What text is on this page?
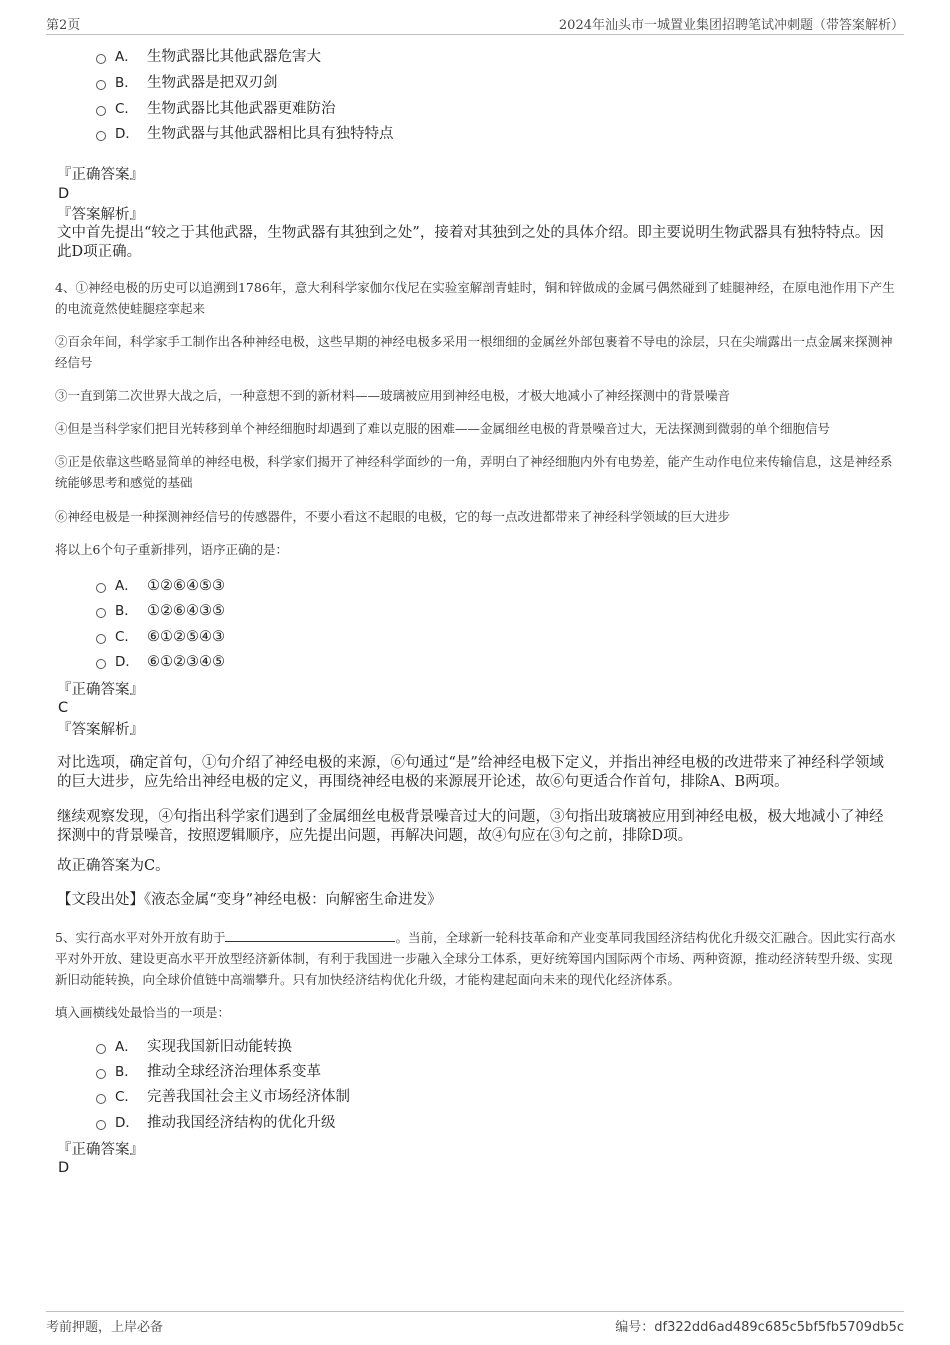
第2页	2024年汕头市一城置业集团招聘笔试冲刺题（带答案解析）
A． 生物武器比其他武器危害大
B． 生物武器是把双刃剑
C． 生物武器比其他武器更难防治
D． 生物武器与其他武器相比具有独特特点
『正确答案』
D
『答案解析』
文中首先提出“较之于其他武器，生物武器有其独到之处”，接着对其独到之处的具体介绍。即主要说明生物武器具有独特特点。因此D项正确。
4、①神经电极的历史可以追溯到1786年，意大利科学家伽尔伐尼在实验室解剖青蛙时，铜和锌做成的金属弓偶然碰到了蛙腿神经，在原电池作用下产生的电流竟然使蛙腿痉挛起来
②百余年间，科学家手工制作出各种神经电极，这些早期的神经电极多采用一根细细的金属丝外部包裹着不导电的涂层，只在尖端露出一点金属来探测神经信号
③一直到第二次世界大战之后，一种意想不到的新材料——玻璃被应用到神经电极，才极大地减小了神经探测中的背景噪音
④但是当科学家们把目光转移到单个神经细胞时却遇到了难以克服的困难——金属细丝电极的背景噪音过大，无法探测到微弱的单个细胞信号
⑤正是依靠这些略显简单的神经电极，科学家们揭开了神经科学面纱的一角，弄明白了神经细胞内外有电势差，能产生动作电位来传输信息，这是神经系统能够思考和感觉的基础
⑥神经电极是一种探测神经信号的传感器件，不要小看这不起眼的电极，它的每一点改进都带来了神经科学领域的巨大进步
将以上6个句子重新排列，语序正确的是：
A． ①②⑥④⑤③
B． ①②⑥④③⑤
C． ⑥①②⑤④③
D． ⑥①②③④⑤
『正确答案』
C
『答案解析』
对比选项，确定首句，①句介绍了神经电极的来源，⑥句通过“是”给神经电极下定义，并指出神经电极的改进带来了神经科学领域的巨大进步，应先给出神经电极的定义，再围绕神经电极的来源展开论述，故⑥句更适合作首句，排除A、B两项。
继续观察发现，④句指出科学家们遇到了金属细丝电极背景噪音过大的问题，③句指出玻璃被应用到神经电极，极大地减小了神经探测中的背景噪音，按照逻辑顺序，应先提出问题，再解决问题，故④句应在③句之前，排除D项。
故正确答案为C。
【文段出处】《液态金属“变身”神经电极：向解密生命进发》
5、实行高水平对外开放有助于	。当前，全球新一轮科技革命和产业变革同我国经济结构优化升级交汇融合。因此实行高水平对外开放、建设更高水平开放型经济新体制，有利于我国进一步融入全球分工体系，更好统筹国内国际两个市场、两种资源，推动经济转型升级、实现新旧动能转换，向全球价值链中高端攀升。只有加快经济结构优化升级，才能构建起面向未来的现代化经济体系。
填入画横线处最恰当的一项是：
A． 实现我国新旧动能转换
B． 推动全球经济治理体系变革
C． 完善我国社会主义市场经济体制
D． 推动我国经济结构的优化升级
『正确答案』
D
考前押题，上岸必备	编号：df322dd6ad489c685c5bf5fb5709db5c
